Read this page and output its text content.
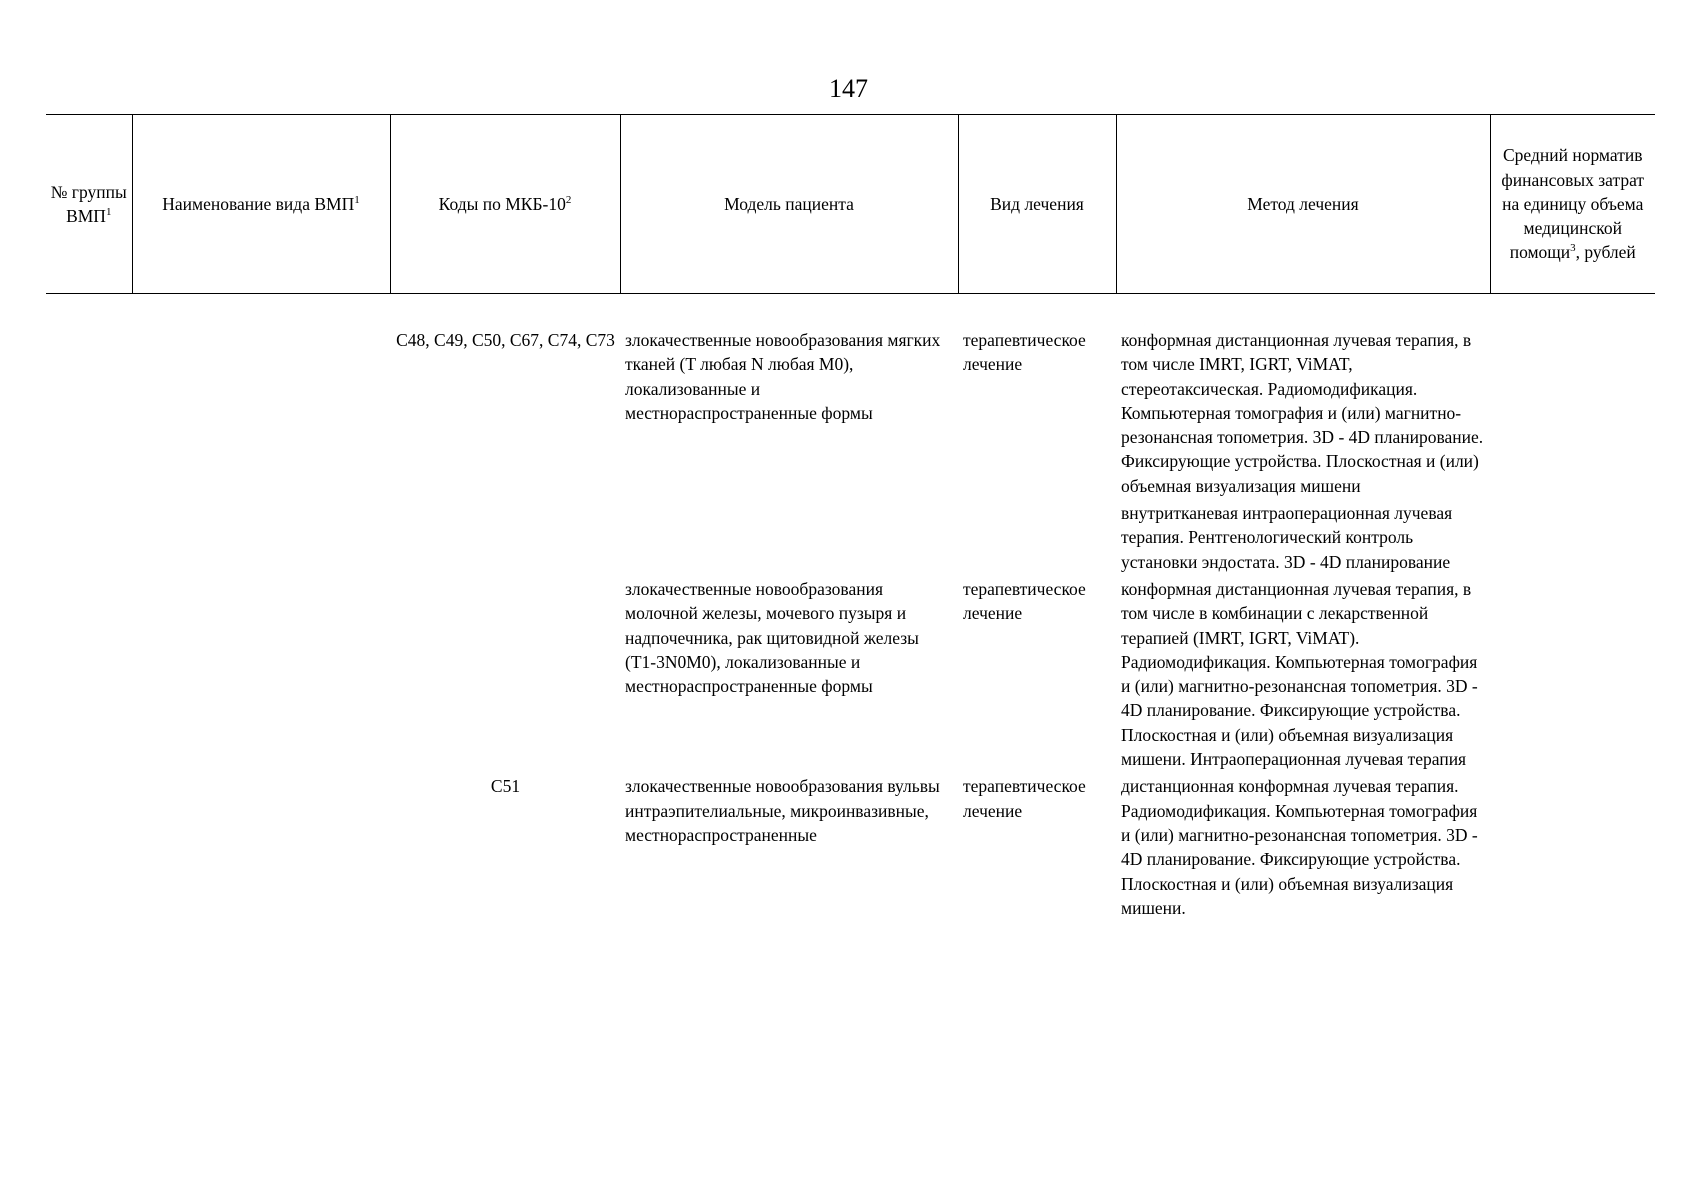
147
№ группы ВМП$^1$	Наименование вида ВМП$^1$	Коды по МКБ-$10^2$	Модель пациента	Вид лечения	Метод лечения	Средний норматив финансовых затрат на единицу объема медицинской помощи$^3$, рублей

		C48, C49, C50, C67, C74, C73	злокачественные новообразования мягких тканей (T любая N любая M0), локализованные и местнораспространенные формы	терапевтическое лечение	конформная дистанционная лучевая терапия, в том числе IMRT, IGRT, ViMAT, стереотаксическая. Радиомодификация. Компьютерная томография и (или) магнитно-резонансная топометрия. 3D - 4D планирование. Фиксирующие устройства. Плоскостная и (или) объемная визуализация мишени	
					внутритканевая интраоперационная лучевая терапия. Рентгенологический контроль установки эндостата. 3D - 4D планирование	
			злокачественные новообразования молочной железы, мочевого пузыря и надпочечника, рак щитовидной железы (T1-3N0M0), локализованные и местнораспространенные формы	терапевтическое лечение	конформная дистанционная лучевая терапия, в том числе в комбинации с лекарственной терапией (IMRT, IGRT, ViMAT). Радиомодификация. Компьютерная томография и (или) магнитно-резонансная топометрия. 3D - 4D планирование. Фиксирующие устройства. Плоскостная и (или) объемная визуализация мишени. Интраоперационная лучевая терапия	
		C51	злокачественные новообразования вульвы интраэпителиальные, микроинвазивные, местнораспространенные	терапевтическое лечение	дистанционная конформная лучевая терапия. Радиомодификация. Компьютерная томография и (или) магнитно-резонансная топометрия. 3D - 4D планирование. Фиксирующие устройства. Плоскостная и (или) объемная визуализация мишени.	
